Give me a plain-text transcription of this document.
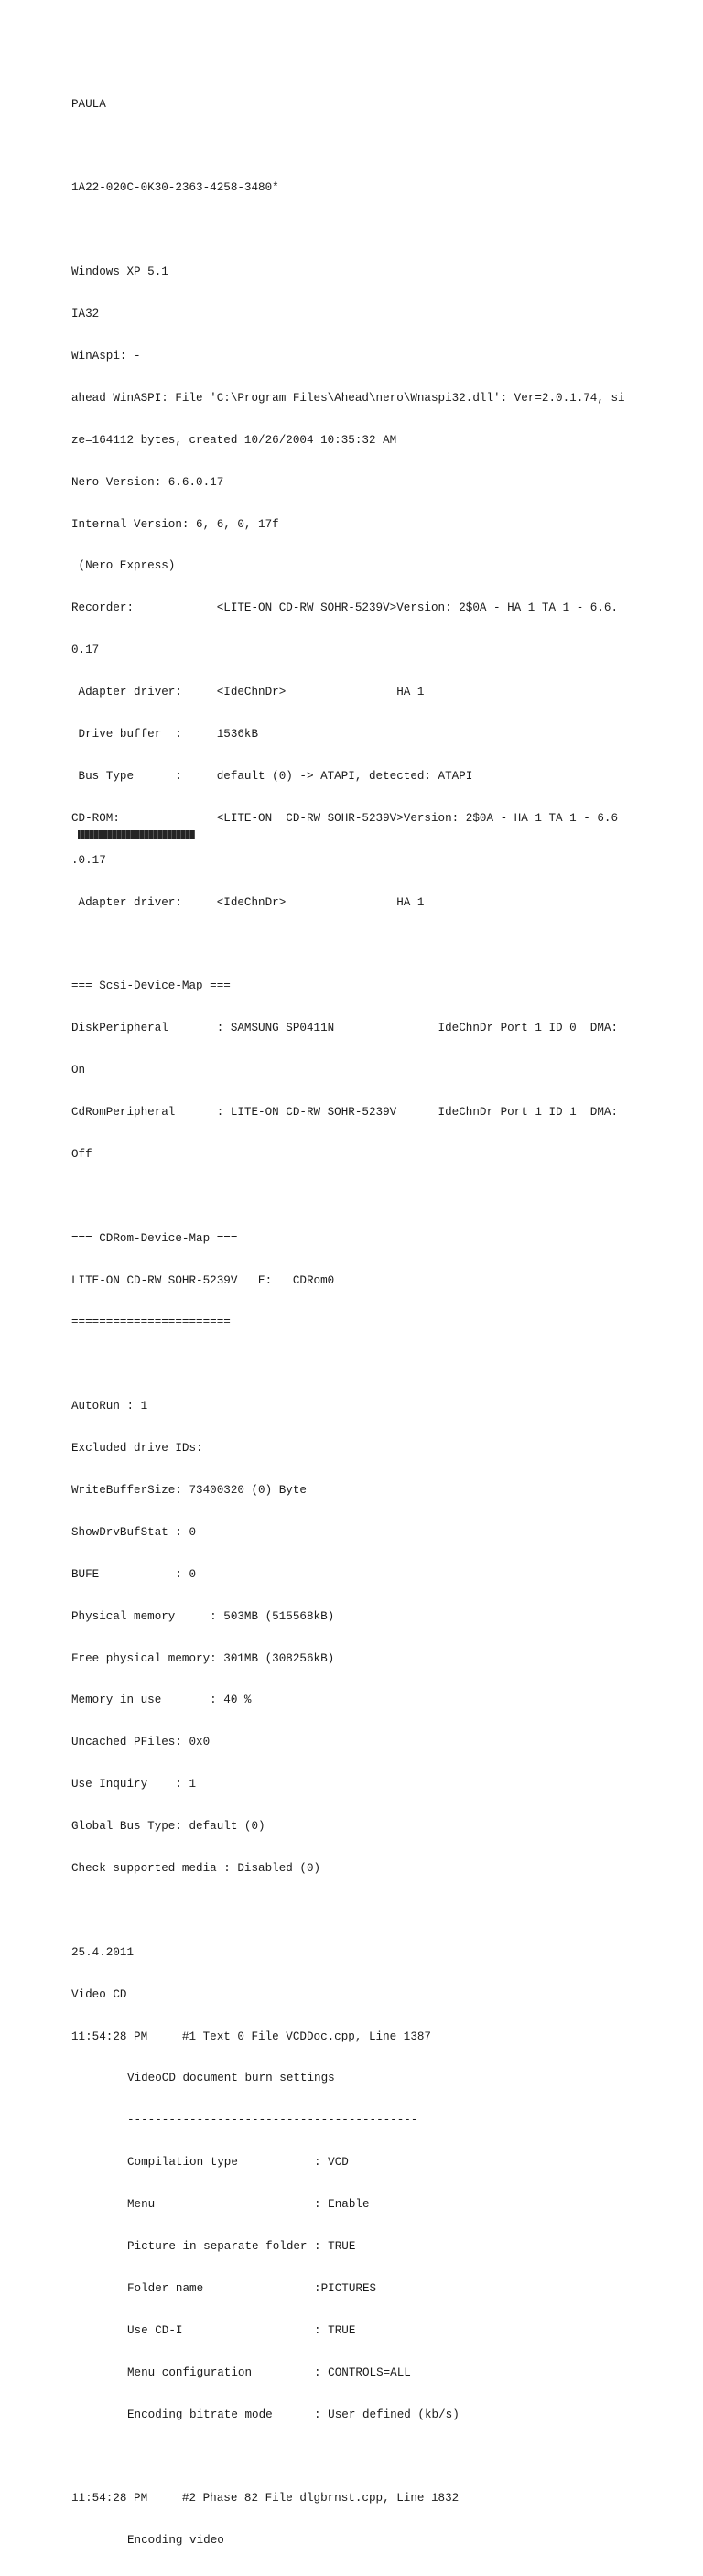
PAULA

1A22-020C-0K30-2363-4258-3480*

Windows XP 5.1

IA32

WinAspi: -

ahead WinASPI: File 'C:\Program Files\Ahead\nero\Wnaspi32.dll': Ver=2.0.1.74, si

ze=164112 bytes, created 10/26/2004 10:35:32 AM

Nero Version: 6.6.0.17

Internal Version: 6, 6, 0, 17f

(Nero Express)

Recorder:            <LITE-ON CD-RW SOHR-5239V>Version: 2$0A - HA 1 TA 1 - 6.6.

0.17

Adapter driver:     <IdeChnDr>                HA 1

Drive buffer  :     1536kB

Bus Type      :     default (0) -> ATAPI, detected: ATAPI

CD-ROM:              <LITE-ON  CD-RW SOHR-5239V>Version: 2$0A - HA 1 TA 1 - 6.6

.0.17

Adapter driver:     <IdeChnDr>                HA 1

=== Scsi-Device-Map ===

DiskPeripheral       : SAMSUNG SP0411N               IdeChnDr Port 1 ID 0  DMA:

On

CdRomPeripheral      : LITE-ON CD-RW SOHR-5239V      IdeChnDr Port 1 ID 1  DMA:

Off

=== CDRom-Device-Map ===

LITE-ON CD-RW SOHR-5239V   E:   CDRom0

=======================

AutoRun : 1

Excluded drive IDs:

WriteBufferSize: 73400320 (0) Byte

ShowDrvBufStat : 0

BUFE           : 0

Physical memory     : 503MB (515568kB)

Free physical memory: 301MB (308256kB)

Memory in use       : 40 %

Uncached PFiles: 0x0

Use Inquiry    : 1

Global Bus Type: default (0)

Check supported media : Disabled (0)

25.4.2011

Video CD

11:54:28 PM     #1 Text 0 File VCDDoc.cpp, Line 1387

VideoCD document burn settings

------------------------------------------

Compilation type           : VCD

Menu                       : Enable

Picture in separate folder : TRUE

Folder name                :PICTURES

Use CD-I                   : TRUE

Menu configuration         : CONTROLS=ALL

Encoding bitrate mode      : User defined (kb/s)

11:54:28 PM     #2 Phase 82 File dlgbrnst.cpp, Line 1832

Encoding video
